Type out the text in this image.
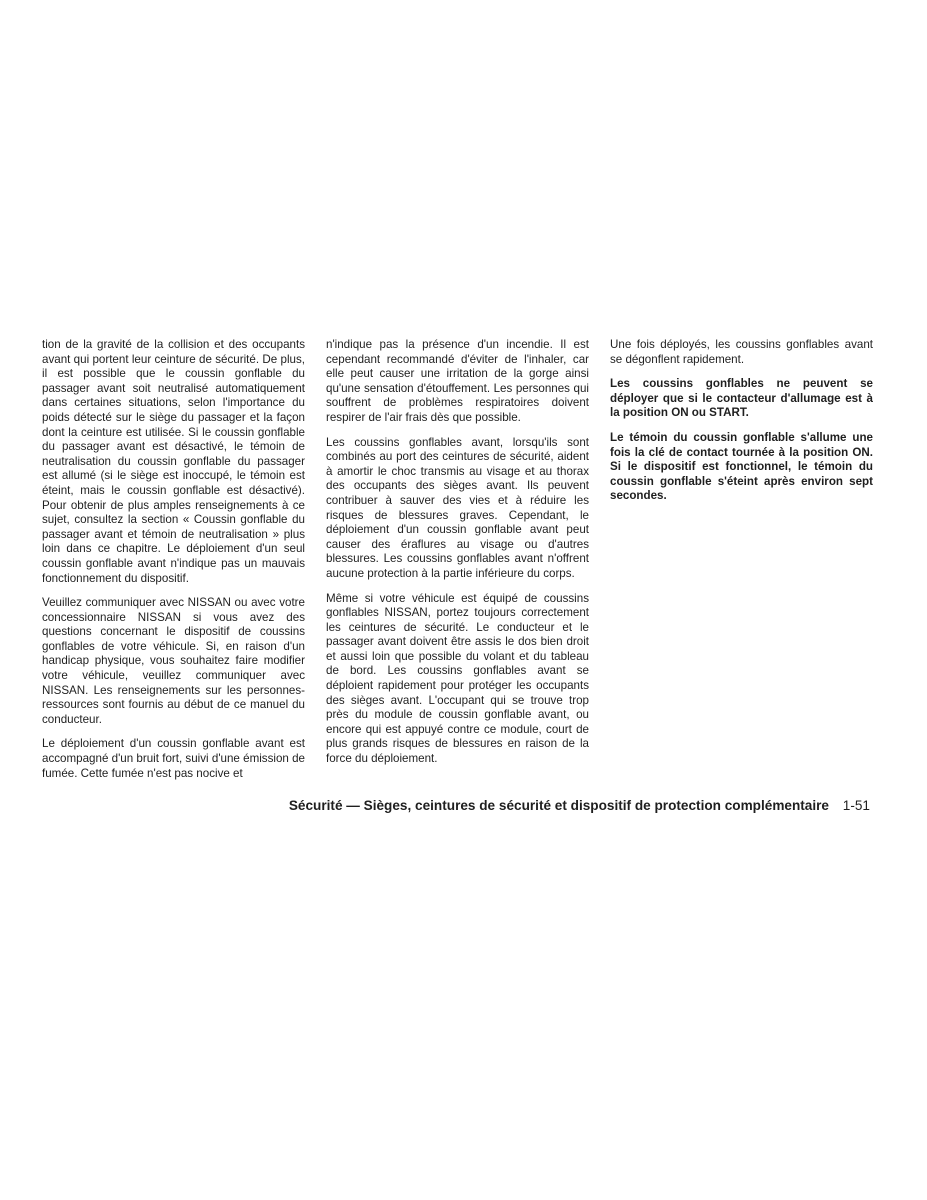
tion de la gravité de la collision et des occupants avant qui portent leur ceinture de sécurité. De plus, il est possible que le coussin gonflable du passager avant soit neutralisé automatiquement dans certaines situations, selon l'importance du poids détecté sur le siège du passager et la façon dont la ceinture est utilisée. Si le coussin gonflable du passager avant est désactivé, le témoin de neutralisation du coussin gonflable du passager est allumé (si le siège est inoccupé, le témoin est éteint, mais le coussin gonflable est désactivé). Pour obtenir de plus amples renseignements à ce sujet, consultez la section « Coussin gonflable du passager avant et témoin de neutralisation » plus loin dans ce chapitre. Le déploiement d'un seul coussin gonflable avant n'indique pas un mauvais fonctionnement du dispositif.

Veuillez communiquer avec NISSAN ou avec votre concessionnaire NISSAN si vous avez des questions concernant le dispositif de coussins gonflables de votre véhicule. Si, en raison d'un handicap physique, vous souhaitez faire modifier votre véhicule, veuillez communiquer avec NISSAN. Les renseignements sur les personnes-ressources sont fournis au début de ce manuel du conducteur.

Le déploiement d'un coussin gonflable avant est accompagné d'un bruit fort, suivi d'une émission de fumée. Cette fumée n'est pas nocive et

n'indique pas la présence d'un incendie. Il est cependant recommandé d'éviter de l'inhaler, car elle peut causer une irritation de la gorge ainsi qu'une sensation d'étouffement. Les personnes qui souffrent de problèmes respiratoires doivent respirer de l'air frais dès que possible.

Les coussins gonflables avant, lorsqu'ils sont combinés au port des ceintures de sécurité, aident à amortir le choc transmis au visage et au thorax des occupants des sièges avant. Ils peuvent contribuer à sauver des vies et à réduire les risques de blessures graves. Cependant, le déploiement d'un coussin gonflable avant peut causer des éraflures au visage ou d'autres blessures. Les coussins gonflables avant n'offrent aucune protection à la partie inférieure du corps.

Même si votre véhicule est équipé de coussins gonflables NISSAN, portez toujours correctement les ceintures de sécurité. Le conducteur et le passager avant doivent être assis le dos bien droit et aussi loin que possible du volant et du tableau de bord. Les coussins gonflables avant se déploient rapidement pour protéger les occupants des sièges avant. L'occupant qui se trouve trop près du module de coussin gonflable avant, ou encore qui est appuyé contre ce module, court de plus grands risques de blessures en raison de la force du déploiement.

Une fois déployés, les coussins gonflables avant se dégonflent rapidement.

Les coussins gonflables ne peuvent se déployer que si le contacteur d'allumage est à la position ON ou START.

Le témoin du coussin gonflable s'allume une fois la clé de contact tournée à la position ON. Si le dispositif est fonctionnel, le témoin du coussin gonflable s'éteint après environ sept secondes.

Sécurité — Sièges, ceintures de sécurité et dispositif de protection complémentaire 1-51
